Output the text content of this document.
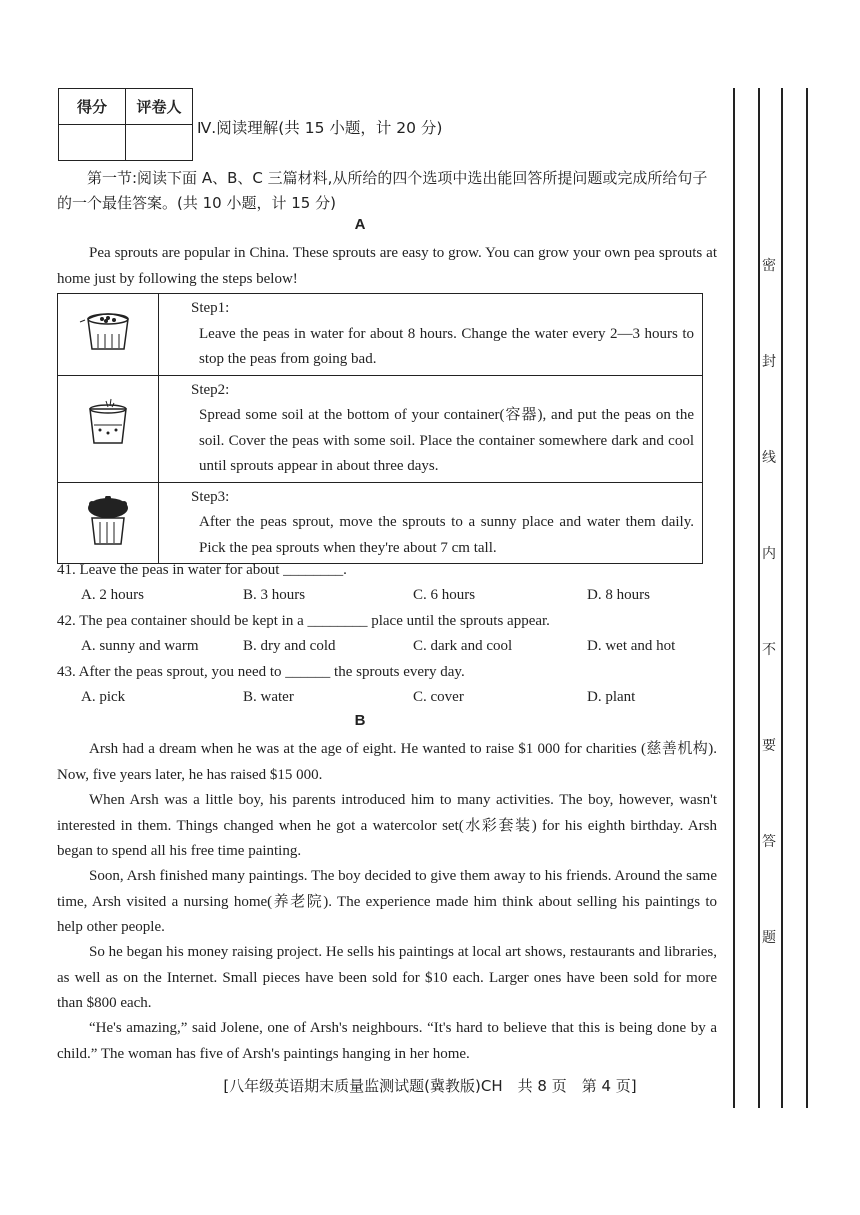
得分	评卷人

Ⅳ.阅读理解(共 15 小题，计 20 分)
第一节:阅读下面 A、B、C 三篇材料,从所给的四个选项中选出能回答所提问题或完成所给句子的一个最佳答案。(共 10 小题，计 15 分)
A
Pea sprouts are popular in China. These sprouts are easy to grow. You can grow your own pea sprouts at home just by following the steps below!

Step1:
Leave the peas in water for about 8 hours. Change the water every 2—3 hours to stop the peas from going bad.

Step2:
Spread some soil at the bottom of your container(容器), and put the peas on the soil. Cover the peas with some soil. Place the container somewhere dark and cool until sprouts appear in about three days.

Step3:
After the peas sprout, move the sprouts to a sunny place and water them daily. Pick the pea sprouts when they're about 7 cm tall.
41. Leave the peas in water for about ________.
A. 2 hours	B. 3 hours	C. 6 hours	D. 8 hours
42. The pea container should be kept in a ________ place until the sprouts appear.
A. sunny and warm	B. dry and cold	C. dark and cool	D. wet and hot
43. After the peas sprout, you need to ______ the sprouts every day.
A. pick	B. water	C. cover	D. plant
B
Arsh had a dream when he was at the age of eight. He wanted to raise $1 000 for charities (慈善机构). Now, five years later, he has raised $15 000.
When Arsh was a little boy, his parents introduced him to many activities. The boy, however, wasn't interested in them. Things changed when he got a watercolor set(水彩套装) for his eighth birthday. Arsh began to spend all his free time painting.
Soon, Arsh finished many paintings. The boy decided to give them away to his friends. Around the same time, Arsh visited a nursing home(养老院). The experience made him think about selling his paintings to help other people.
So he began his money raising project. He sells his paintings at local art shows, restaurants and libraries, as well as on the Internet. Small pieces have been sold for $10 each. Larger ones have been sold for more than $800 each.
“He's amazing,” said Jolene, one of Arsh's neighbours. “It's hard to believe that this is being done by a child.” The woman has five of Arsh's paintings hanging in her home.
[八年级英语期末质量监测试题(冀教版)CH　共 8 页　第 4 页]
密
封
线
内
不
要
答
题
